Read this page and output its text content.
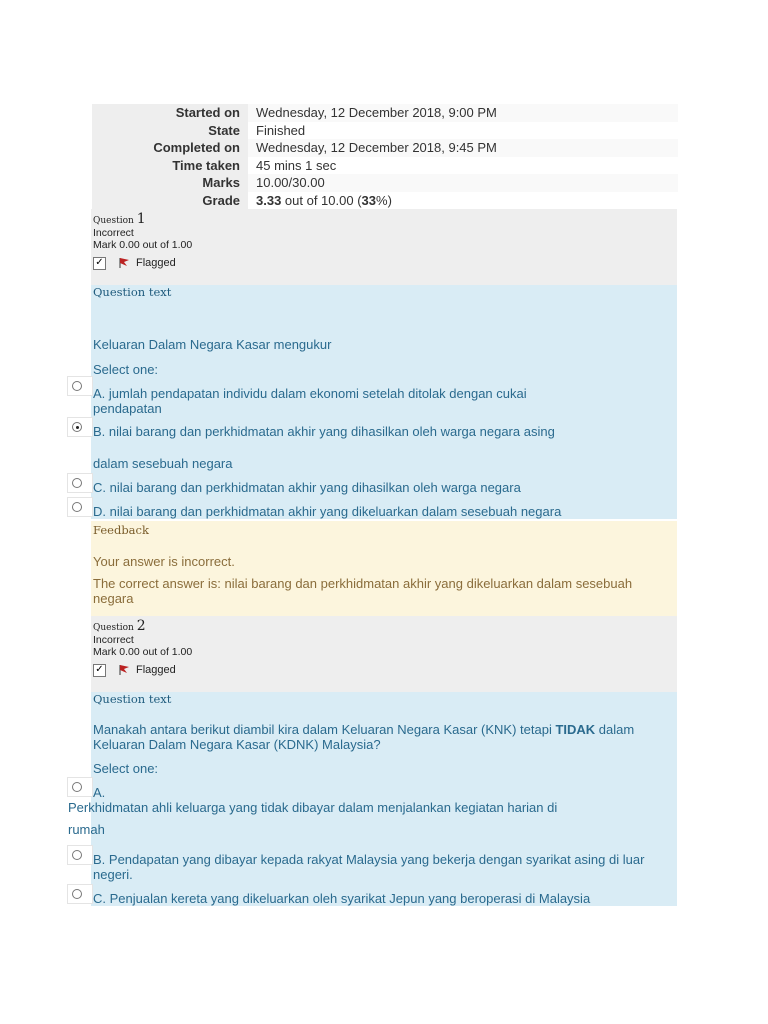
Started on	Wednesday, 12 December 2018, 9:00 PM
State	Finished
Completed on	Wednesday, 12 December 2018, 9:45 PM
Time taken	45 mins 1 sec
Marks	10.00/30.00
Grade	3.33 out of 10.00 (33%)
Question 1
Incorrect
Mark 0.00 out of 1.00
✓	Flagged
Question text
Keluaran Dalam Negara Kasar mengukur
Select one:
A. jumlah pendapatan individu dalam ekonomi setelah ditolak dengan cukai
pendapatan
B. nilai barang dan perkhidmatan akhir yang dihasilkan oleh warga negara asing
dalam sesebuah negara
C. nilai barang dan perkhidmatan akhir yang dihasilkan oleh warga negara
D. nilai barang dan perkhidmatan akhir yang dikeluarkan dalam sesebuah negara
Feedback
Your answer is incorrect.
The correct answer is: nilai barang dan perkhidmatan akhir yang dikeluarkan dalam sesebuah
negara
Question 2
Incorrect
Mark 0.00 out of 1.00
✓	Flagged
Question text
Manakah antara berikut diambil kira dalam Keluaran Negara Kasar (KNK) tetapi TIDAK dalam
Keluaran Dalam Negara Kasar (KDNK) Malaysia?
Select one:
A.
B. Pendapatan yang dibayar kepada rakyat Malaysia yang bekerja dengan syarikat asing di luar
negeri.
C. Penjualan kereta yang dikeluarkan oleh syarikat Jepun yang beroperasi di Malaysia
Perkhidmatan ahli keluarga yang tidak dibayar dalam menjalankan kegiatan harian di
rumah
